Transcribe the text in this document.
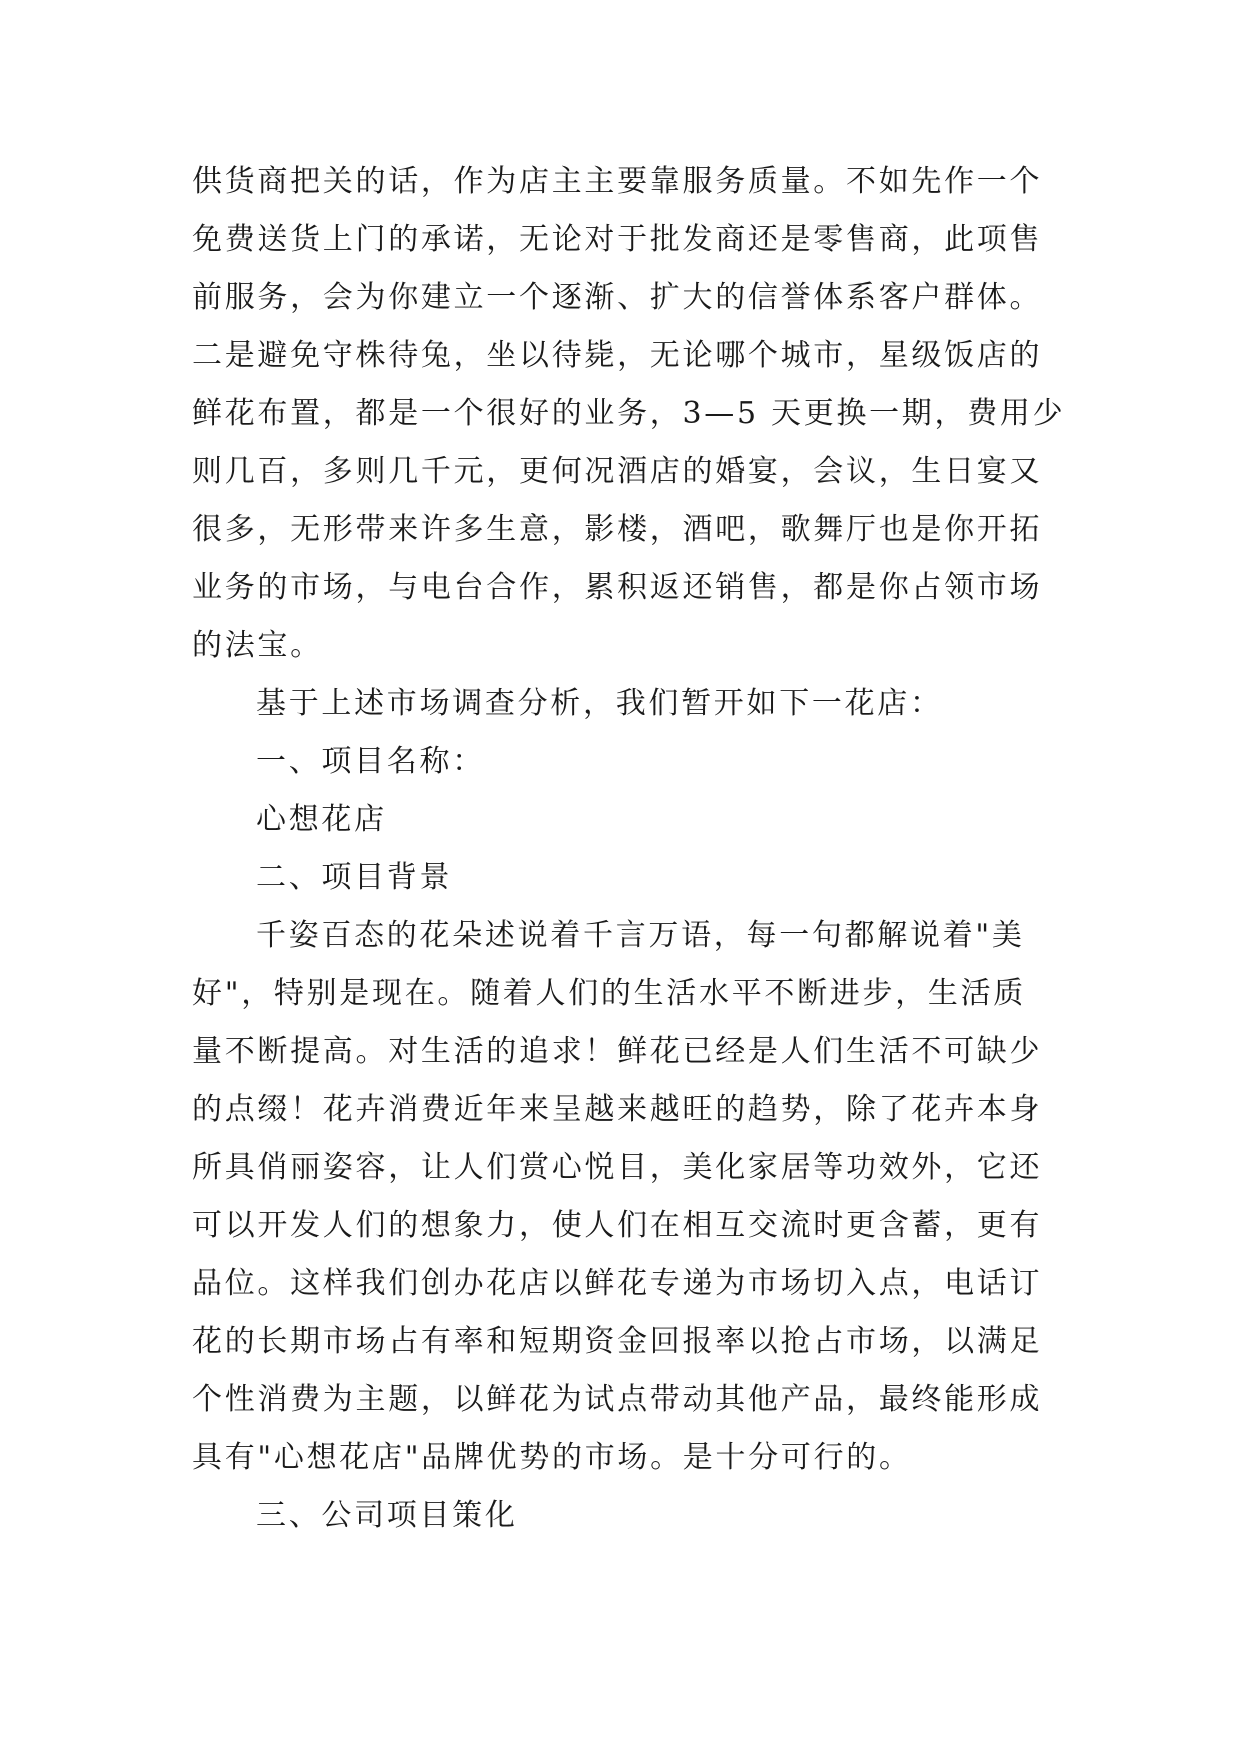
供货商把关的话，作为店主主要靠服务质量。不如先作一个
免费送货上门的承诺，无论对于批发商还是零售商，此项售
前服务，会为你建立一个逐渐、扩大的信誉体系客户群体。
二是避免守株待兔，坐以待毙，无论哪个城市，星级饭店的
鲜花布置，都是一个很好的业务，3—5 天更换一期，费用少
则几百，多则几千元，更何况酒店的婚宴，会议，生日宴又
很多，无形带来许多生意，影楼，酒吧，歌舞厅也是你开拓
业务的市场，与电台合作，累积返还销售，都是你占领市场
的法宝。
基于上述市场调查分析，我们暂开如下一花店：
一、项目名称：
心想花店
二、项目背景
千姿百态的花朵述说着千言万语，每一句都解说着"美
好"，特别是现在。随着人们的生活水平不断进步，生活质
量不断提高。对生活的追求！鲜花已经是人们生活不可缺少
的点缀！花卉消费近年来呈越来越旺的趋势，除了花卉本身
所具俏丽姿容，让人们赏心悦目，美化家居等功效外，它还
可以开发人们的想象力，使人们在相互交流时更含蓄，更有
品位。这样我们创办花店以鲜花专递为市场切入点，电话订
花的长期市场占有率和短期资金回报率以抢占市场，以满足
个性消费为主题，以鲜花为试点带动其他产品，最终能形成
具有"心想花店"品牌优势的市场。是十分可行的。
三、公司项目策化
